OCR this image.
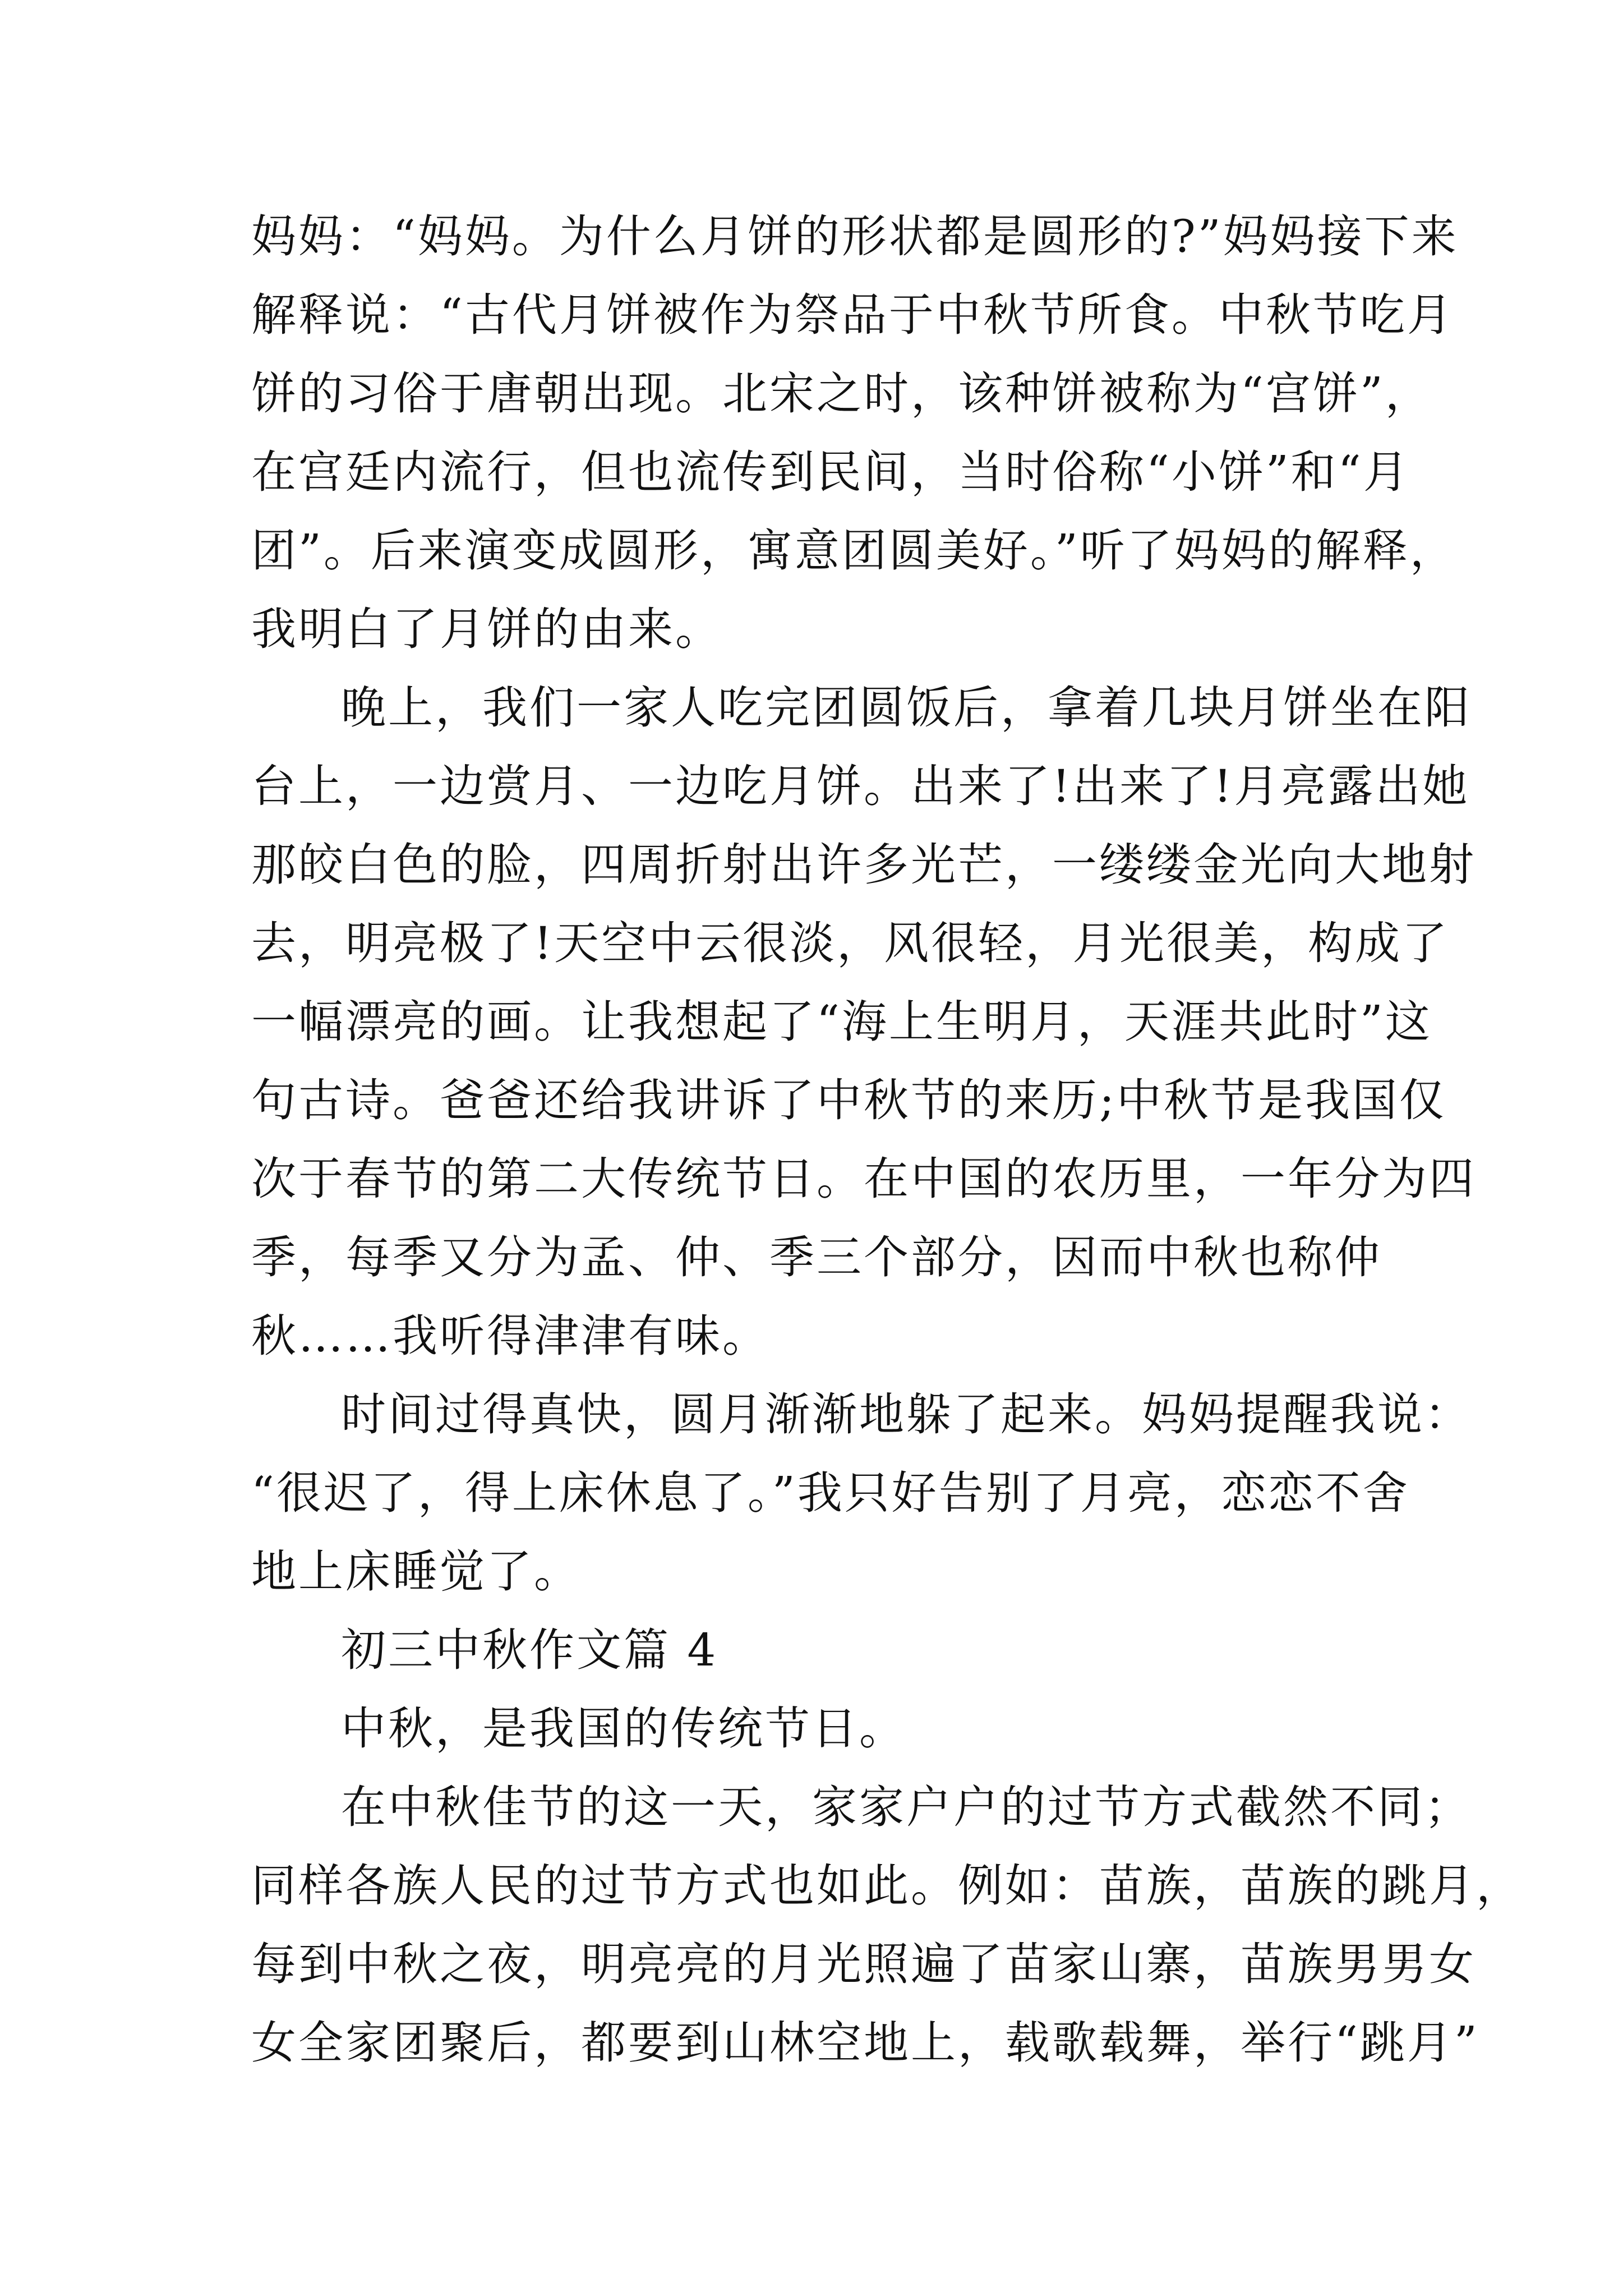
妈妈：“妈妈。为什么月饼的形状都是圆形的?”妈妈接下来
解释说：“古代月饼被作为祭品于中秋节所食。中秋节吃月
饼的习俗于唐朝出现。北宋之时，该种饼被称为“宫饼”，
在宫廷内流行，但也流传到民间，当时俗称“小饼”和“月
团”。后来演变成圆形，寓意团圆美好。”听了妈妈的解释，
我明白了月饼的由来。
晚上，我们一家人吃完团圆饭后，拿着几块月饼坐在阳
台上，一边赏月、一边吃月饼。出来了!出来了!月亮露出她
那皎白色的脸，四周折射出许多光芒，一缕缕金光向大地射
去，明亮极了!天空中云很淡，风很轻，月光很美，构成了
一幅漂亮的画。让我想起了“海上生明月，天涯共此时”这
句古诗。爸爸还给我讲诉了中秋节的来历;中秋节是我国仅
次于春节的第二大传统节日。在中国的农历里，一年分为四
季，每季又分为孟、仲、季三个部分，因而中秋也称仲
秋……我听得津津有味。
时间过得真快，圆月渐渐地躲了起来。妈妈提醒我说：
“很迟了，得上床休息了。”我只好告别了月亮，恋恋不舍
地上床睡觉了。
初三中秋作文篇 4
中秋，是我国的传统节日。
在中秋佳节的这一天，家家户户的过节方式截然不同；
同样各族人民的过节方式也如此。例如：苗族，苗族的跳月，
每到中秋之夜，明亮亮的月光照遍了苗家山寨，苗族男男女
女全家团聚后，都要到山林空地上，载歌载舞，举行“跳月”
